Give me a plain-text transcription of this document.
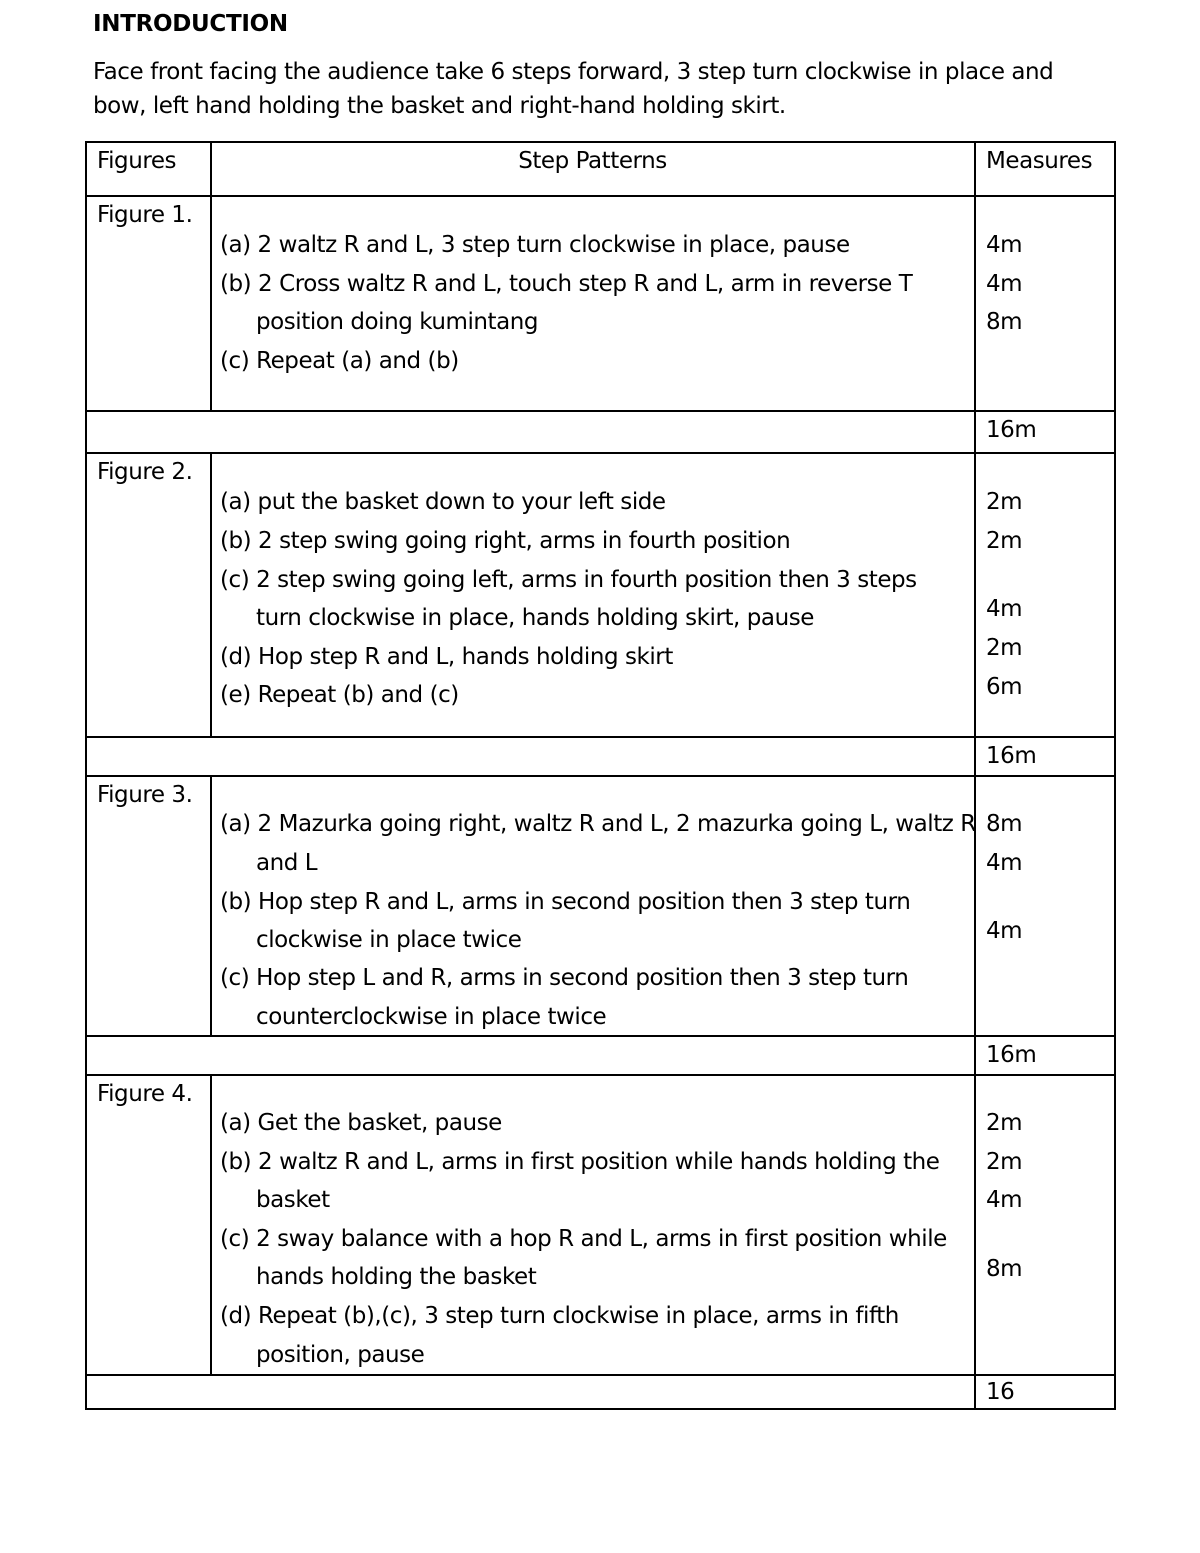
INTRODUCTION
Face front facing the audience take 6 steps forward, 3 step turn clockwise in place and
bow, left hand holding the basket and right-hand holding skirt.
Figures	Step Patterns	Measures
Figure 1.
(a) 2 waltz R and L, 3 step turn clockwise in place, pause
(b) 2 Cross waltz R and L, touch step R and L, arm in reverse T
position doing kumintang
(c) Repeat (a) and (b)
4m
4m
8m
16m
Figure 2.
(a) put the basket down to your left side
(b) 2 step swing going right, arms in fourth position
(c) 2 step swing going left, arms in fourth position then 3 steps
turn clockwise in place, hands holding skirt, pause
(d) Hop step R and L, hands holding skirt
(e) Repeat (b) and (c)
2m
2m
4m
2m
6m
16m
Figure 3.
(a) 2 Mazurka going right, waltz R and L, 2 mazurka going L, waltz R
and L
(b) Hop step R and L, arms in second position then 3 step turn
clockwise in place twice
(c) Hop step L and R, arms in second position then 3 step turn
counterclockwise in place twice
8m
4m
4m
16m
Figure 4.
(a) Get the basket, pause
(b) 2 waltz R and L, arms in first position while hands holding the
basket
(c) 2 sway balance with a hop R and L, arms in first position while
hands holding the basket
(d) Repeat (b),(c), 3 step turn clockwise in place, arms in fifth
position, pause
2m
2m
4m
8m
16
